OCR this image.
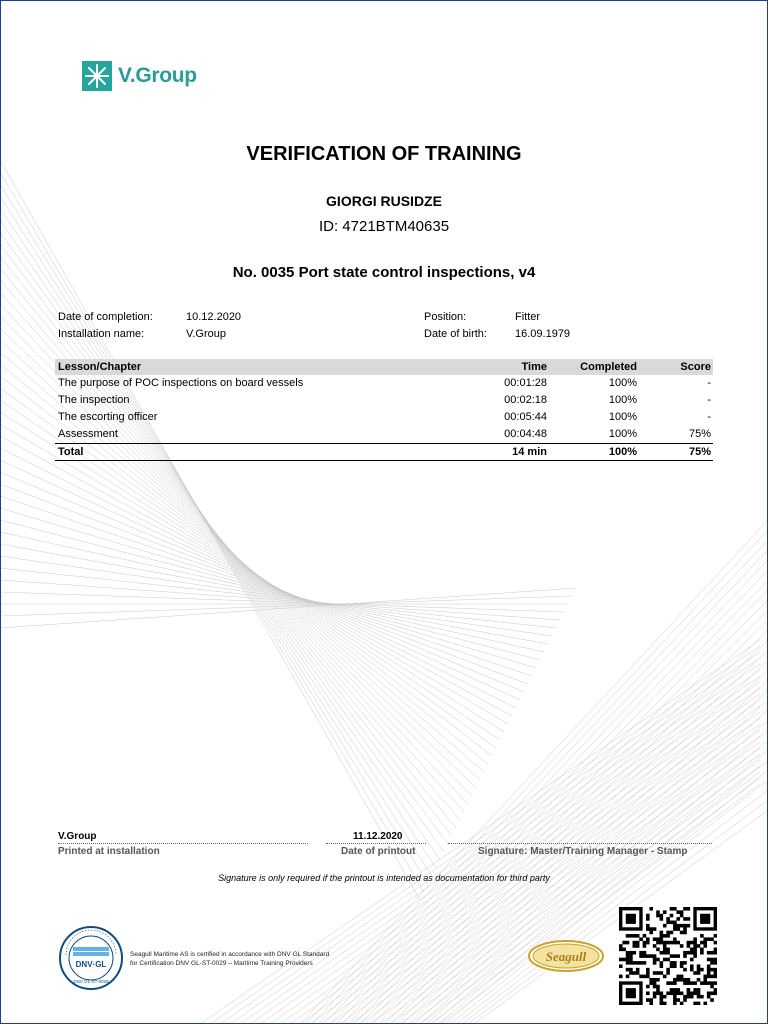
V.Group
VERIFICATION OF TRAINING
GIORGI RUSIDZE
ID: 4721BTM40635
No. 0035 Port state control inspections, v4
Date of completion:	10.12.2020	Position:	Fitter
Installation name:	V.Group	Date of birth:	16.09.1979
Lesson/Chapter	Time	Completed	Score
The purpose of POC inspections on board vessels	00:01:28	100%	-
The inspection	00:02:18	100%	-
The escorting officer	00:05:44	100%	-
Assessment	00:04:48	100%	75%
Total	14 min	100%	75%
V.Group	11.12.2020
Printed at installation	Date of printout	Signature: Master/Training Manager - Stamp
Signature is only required if the printout is intended as documentation for third party
DNV·GL
DNV GL-ST-0029
Seagull Maritime AS is certified in accordance with DNV GL Standard
for Certification DNV GL-ST-0029 – Maritime Training Providers	Seagull
